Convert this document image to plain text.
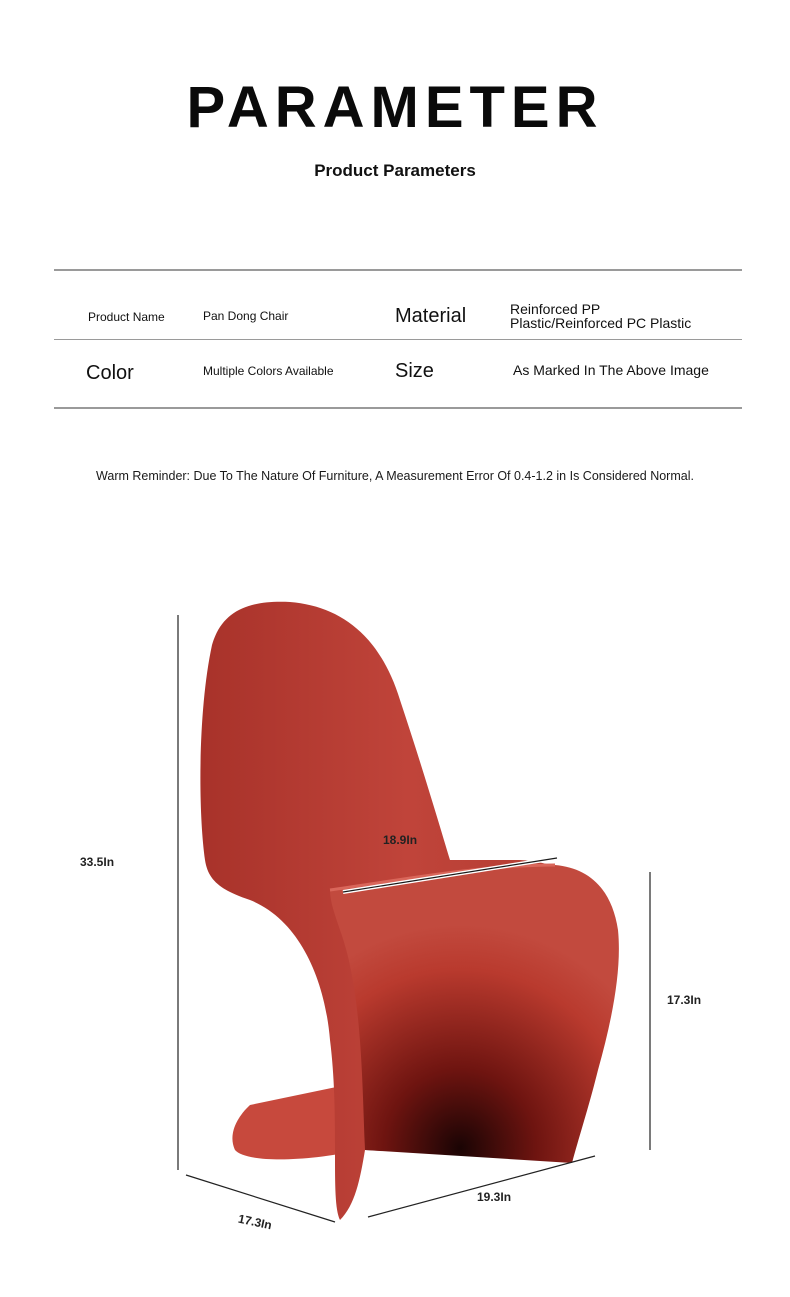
PARAMETER
Product Parameters
Product Name	Pan Dong Chair	Material	Reinforced PP
Plastic/Reinforced PC Plastic
Color	Multiple Colors Available	Size	As Marked In The Above Image
Warm Reminder: Due To The Nature Of Furniture, A Measurement Error Of 0.4-1.2 in Is Considered Normal.
33.5In
18.9In
17.3In
19.3In
17.3In
